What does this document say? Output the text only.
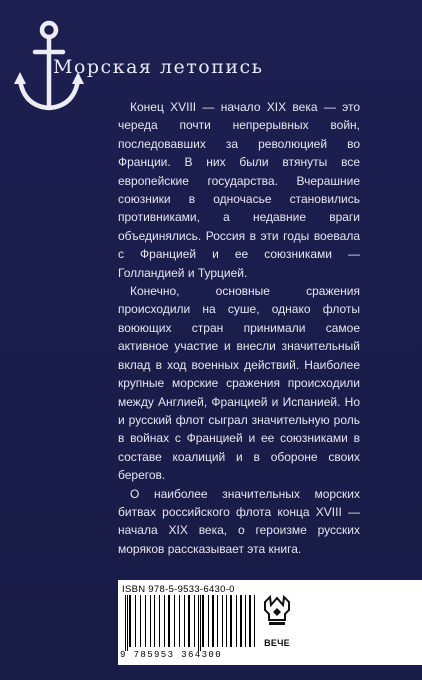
Морская летопись

Конец XVIII — начало XIX века — это череда почти непрерывных войн, последовавших за революцией во Франции. В них были втянуты все европейские государства. Вчерашние союзники в одночасье становились противниками, а недавние враги объединялись. Россия в эти годы воевала с Францией и ее союзниками — Голландией и Турцией.

Конечно, основные сражения происходили на суше, однако флоты воюющих стран принимали самое активное участие и внесли значительный вклад в ход военных действий. Наиболее крупные морские сражения происходили между Англией, Францией и Испанией. Но и русский флот сыграл значительную роль в войнах с Францией и ее союзниками в составе коалиций и в обороне своих берегов.

О наиболее значительных морских битвах российского флота конца XVIII — начала XIX века, о героизме русских моряков рассказывает эта книга.

ISBN 978-5-9533-6430-0
9 785953 364300
ВЕЧЕ
